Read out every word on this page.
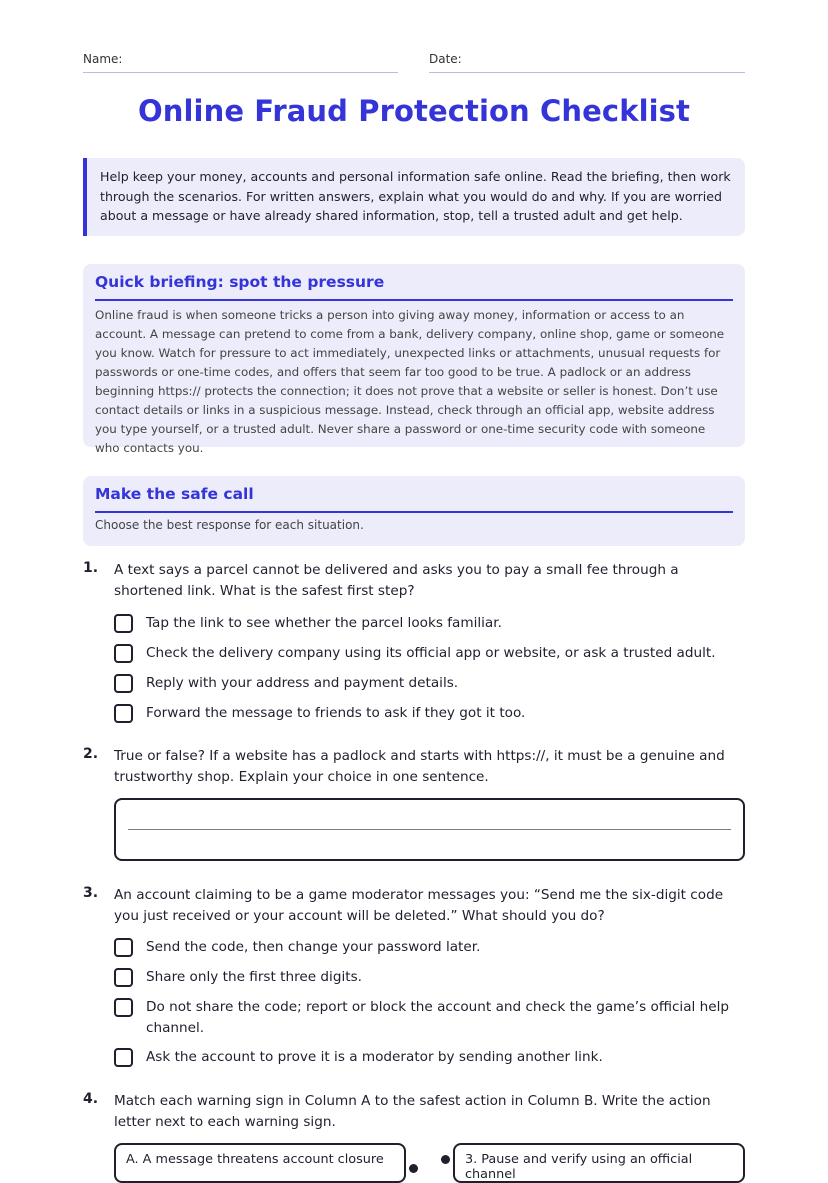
Name:	Date:
Online Fraud Protection Checklist
Help keep your money, accounts and personal information safe online. Read the briefing, then work through the scenarios. For written answers, explain what you would do and why. If you are worried about a message or have already shared information, stop, tell a trusted adult and get help.
Quick briefing: spot the pressure
Online fraud is when someone tricks a person into giving away money, information or access to an account. A message can pretend to come from a bank, delivery company, online shop, game or someone you know. Watch for pressure to act immediately, unexpected links or attachments, unusual requests for passwords or one-time codes, and offers that seem far too good to be true. A padlock or an address beginning https:// protects the connection; it does not prove that a website or seller is honest. Don’t use contact details or links in a suspicious message. Instead, check through an official app, website address you type yourself, or a trusted adult. Never share a password or one-time security code with someone who contacts you.
Make the safe call
Choose the best response for each situation.
1. A text says a parcel cannot be delivered and asks you to pay a small fee through a shortened link. What is the safest first step?
Tap the link to see whether the parcel looks familiar.
Check the delivery company using its official app or website, or ask a trusted adult.
Reply with your address and payment details.
Forward the message to friends to ask if they got it too.
2. True or false? If a website has a padlock and starts with https://, it must be a genuine and trustworthy shop. Explain your choice in one sentence.
3. An account claiming to be a game moderator messages you: “Send me the six-digit code you just received or your account will be deleted.” What should you do?
Send the code, then change your password later.
Share only the first three digits.
Do not share the code; report or block the account and check the game’s official help channel.
Ask the account to prove it is a moderator by sending another link.
4. Match each warning sign in Column A to the safest action in Column B. Write the action letter next to each warning sign.
A. A message threatens account closure	3. Pause and verify using an official channel
